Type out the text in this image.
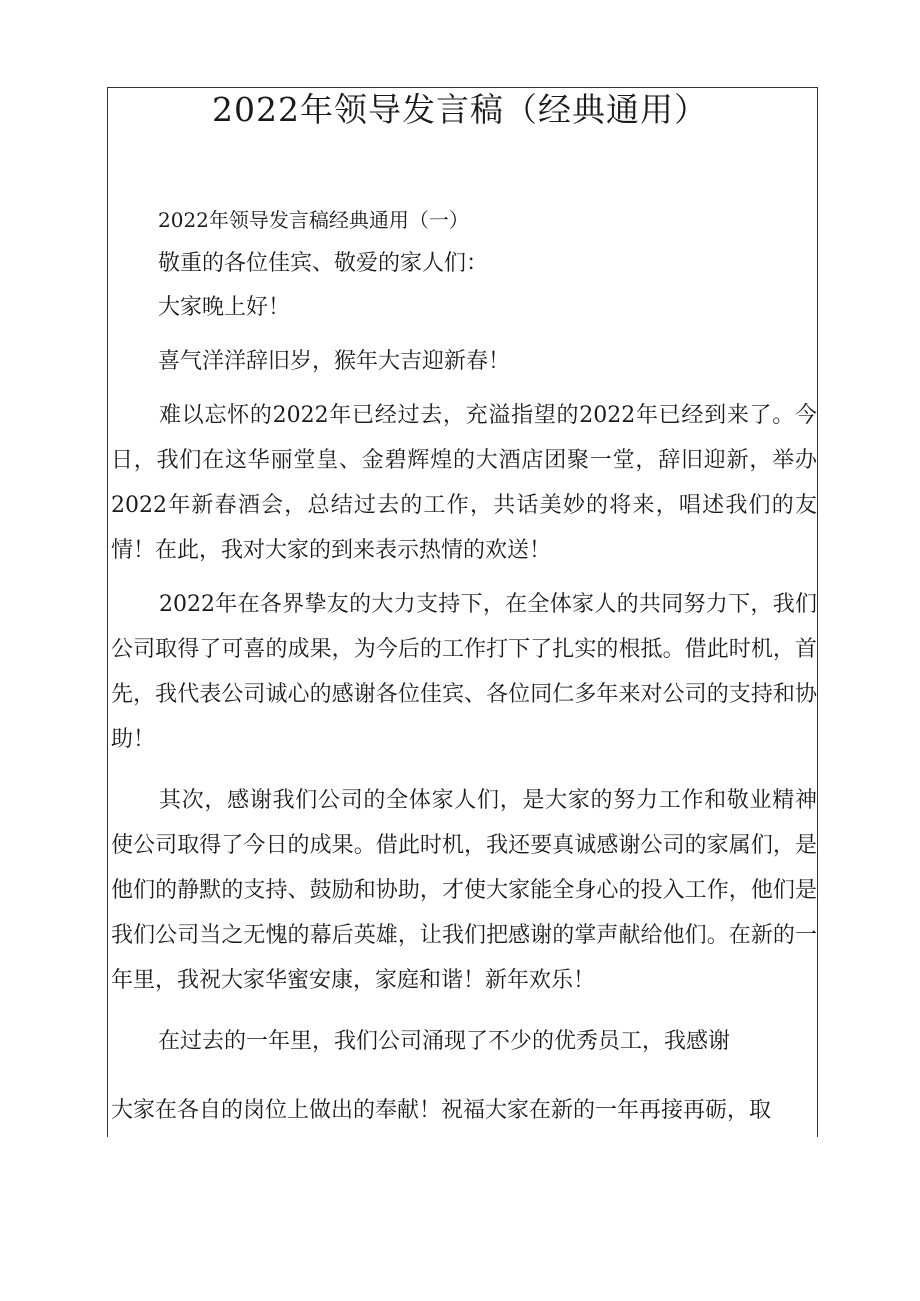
2022年领导发言稿（经典通用）
2022年领导发言稿经典通用（一）
敬重的各位佳宾、敬爱的家人们：
大家晚上好！
喜气洋洋辞旧岁，猴年大吉迎新春！

难以忘怀的2022年已经过去，充溢指望的2022年已经到来了。今日，我们在这华丽堂皇、金碧辉煌的大酒店团聚一堂，辞旧迎新，举办2022年新春酒会，总结过去的工作，共话美妙的将来，唱述我们的友情！在此，我对大家的到来表示热情的欢送！

2022年在各界挚友的大力支持下，在全体家人的共同努力下，我们公司取得了可喜的成果，为今后的工作打下了扎实的根抵。借此时机，首先，我代表公司诚心的感谢各位佳宾、各位同仁多年来对公司的支持和协助！

其次，感谢我们公司的全体家人们，是大家的努力工作和敬业精神使公司取得了今日的成果。借此时机，我还要真诚感谢公司的家属们，是他们的静默的支持、鼓励和协助，才使大家能全身心的投入工作，他们是我们公司当之无愧的幕后英雄，让我们把感谢的掌声献给他们。在新的一年里，我祝大家华蜜安康，家庭和谐！新年欢乐！

在过去的一年里，我们公司涌现了不少的优秀员工，我感谢

大家在各自的岗位上做出的奉献！祝福大家在新的一年再接再砺，取
